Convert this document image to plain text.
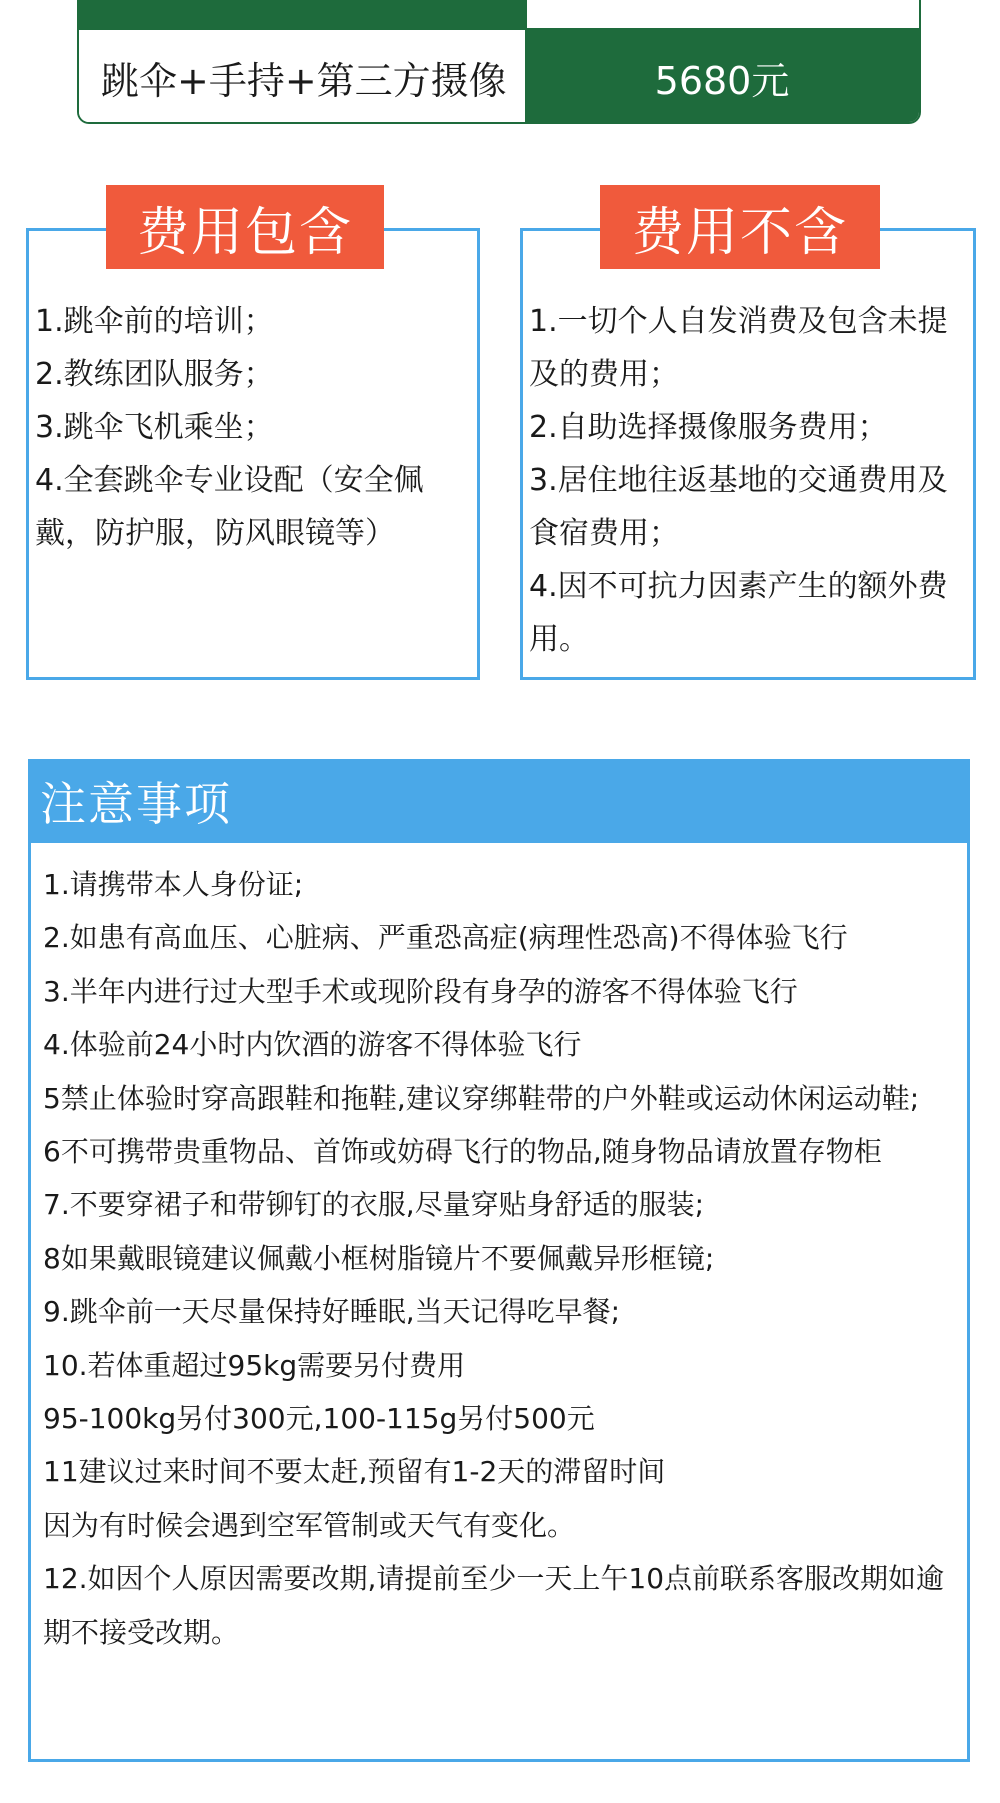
跳伞+手持+第三方摄像	5680元
费用包含
1.跳伞前的培训；
2.教练团队服务；
3.跳伞飞机乘坐；
4.全套跳伞专业设配（安全佩戴，防护服，防风眼镜等）
费用不含
1.一切个人自发消费及包含未提及的费用；
2.自助选择摄像服务费用；
3.居住地往返基地的交通费用及食宿费用；
4.因不可抗力因素产生的额外费用。
注意事项
1.请携带本人身份证;
2.如患有高血压、心脏病、严重恐高症(病理性恐高)不得体验飞行
3.半年内进行过大型手术或现阶段有身孕的游客不得体验飞行
4.体验前24小时内饮酒的游客不得体验飞行
5禁止体验时穿高跟鞋和拖鞋,建议穿绑鞋带的户外鞋或运动休闲运动鞋;
6不可携带贵重物品、首饰或妨碍飞行的物品,随身物品请放置存物柜
7.不要穿裙子和带铆钉的衣服,尽量穿贴身舒适的服装;
8如果戴眼镜建议佩戴小框树脂镜片不要佩戴异形框镜;
9.跳伞前一天尽量保持好睡眠,当天记得吃早餐;
10.若体重超过95kg需要另付费用
95-100kg另付300元,100-115g另付500元
11建议过来时间不要太赶,预留有1-2天的滞留时间
因为有时候会遇到空军管制或天气有变化。
12.如因个人原因需要改期,请提前至少一天上午10点前联系客服改期如逾期不接受改期。
